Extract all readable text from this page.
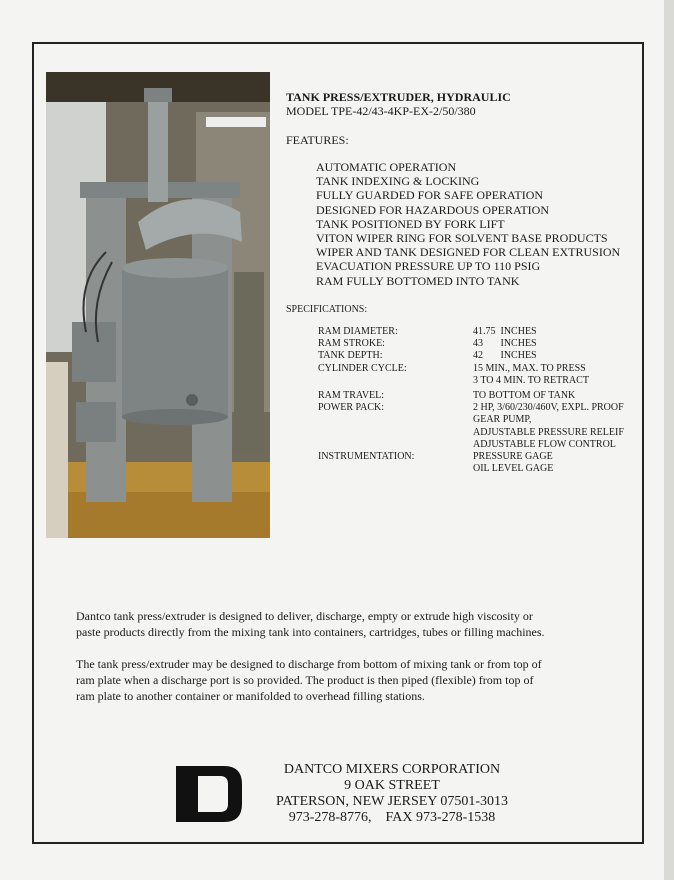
TANK PRESS/EXTRUDER, HYDRAULIC
MODEL TPE-42/43-4KP-EX-2/50/380
FEATURES:
AUTOMATIC OPERATION
TANK INDEXING & LOCKING
FULLY GUARDED FOR SAFE OPERATION
DESIGNED FOR HAZARDOUS OPERATION
TANK POSITIONED BY FORK LIFT
VITON WIPER RING FOR SOLVENT BASE PRODUCTS
WIPER AND TANK DESIGNED FOR CLEAN EXTRUSION
EVACUATION PRESSURE UP TO 110 PSIG
RAM FULLY BOTTOMED INTO TANK
SPECIFICATIONS:
RAM DIAMETER:	41.75  INCHES
RAM STROKE:	43       INCHES
TANK DEPTH:	42       INCHES
CYLINDER CYCLE:	15 MIN., MAX. TO PRESS
3 TO 4 MIN. TO RETRACT
RAM TRAVEL:	TO BOTTOM OF TANK
POWER PACK:	2 HP, 3/60/230/460V, EXPL. PROOF
GEAR PUMP,
ADJUSTABLE PRESSURE RELEIF
ADJUSTABLE FLOW CONTROL
INSTRUMENTATION:	PRESSURE GAGE
OIL LEVEL GAGE
Dantco tank press/extruder is designed to deliver, discharge, empty or extrude high viscosity or
paste products directly from the mixing tank into containers, cartridges, tubes or filling machines.
The tank press/extruder may be designed to discharge from bottom of mixing tank or from top of
ram plate when a discharge port is so provided. The product is then piped (flexible) from top of
ram plate to another container or manifolded to overhead filling stations.
DANTCO MIXERS CORPORATION
9 OAK STREET
PATERSON, NEW JERSEY 07501-3013
973-278-8776,    FAX 973-278-1538
